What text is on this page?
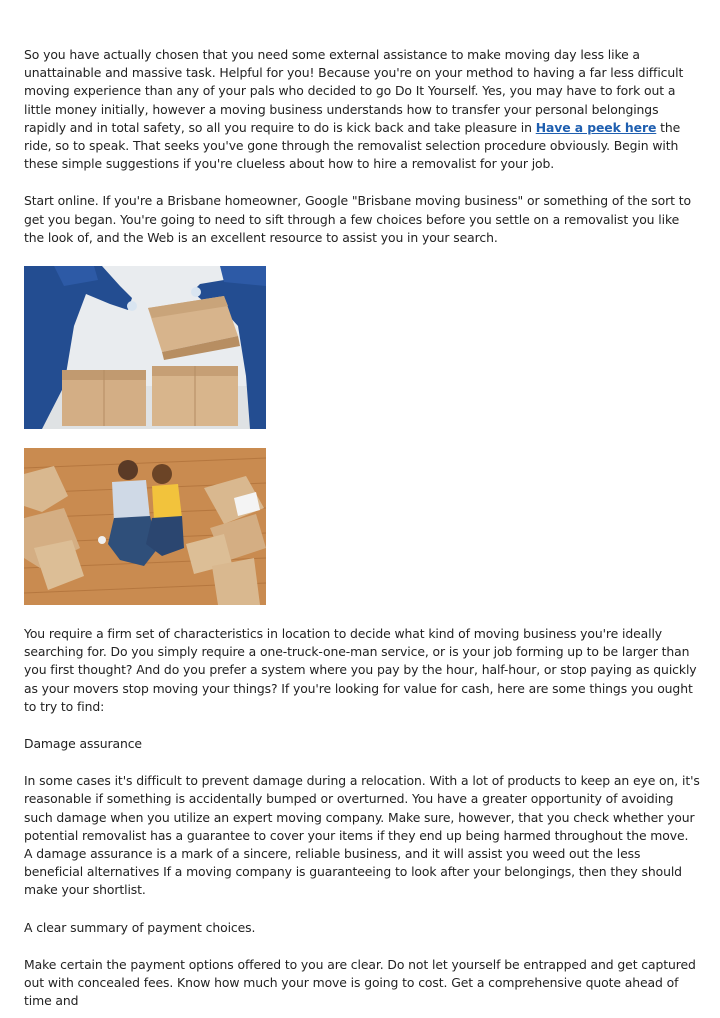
So you have actually chosen that you need some external assistance to make moving day less like a unattainable and massive task. Helpful for you! Because you're on your method to having a far less difficult moving experience than any of your pals who decided to go Do It Yourself. Yes, you may have to fork out a little money initially, however a moving business understands how to transfer your personal belongings rapidly and in total safety, so all you require to do is kick back and take pleasure in Have a peek here the ride, so to speak. That seeks you've gone through the removalist selection procedure obviously. Begin with these simple suggestions if you're clueless about how to hire a removalist for your job.

Start online. If you're a Brisbane homeowner, Google "Brisbane moving business" or something of the sort to get you began. You're going to need to sift through a few choices before you settle on a removalist you like the look of, and the Web is an excellent resource to assist you in your search.

You require a firm set of characteristics in location to decide what kind of moving business you're ideally searching for. Do you simply require a one-truck-one-man service, or is your job forming up to be larger than you first thought? And do you prefer a system where you pay by the hour, half-hour, or stop paying as quickly as your movers stop moving your things? If you're looking for value for cash, here are some things you ought to try to find:

Damage assurance

In some cases it's difficult to prevent damage during a relocation. With a lot of products to keep an eye on, it's reasonable if something is accidentally bumped or overturned. You have a greater opportunity of avoiding such damage when you utilize an expert moving company. Make sure, however, that you check whether your potential removalist has a guarantee to cover your items if they end up being harmed throughout the move. A damage assurance is a mark of a sincere, reliable business, and it will assist you weed out the less beneficial alternatives If a moving company is guaranteeing to look after your belongings, then they should make your shortlist.

A clear summary of payment choices.

Make certain the payment options offered to you are clear. Do not let yourself be entrapped and get captured out with concealed fees. Know how much your move is going to cost. Get a comprehensive quote ahead of time and
